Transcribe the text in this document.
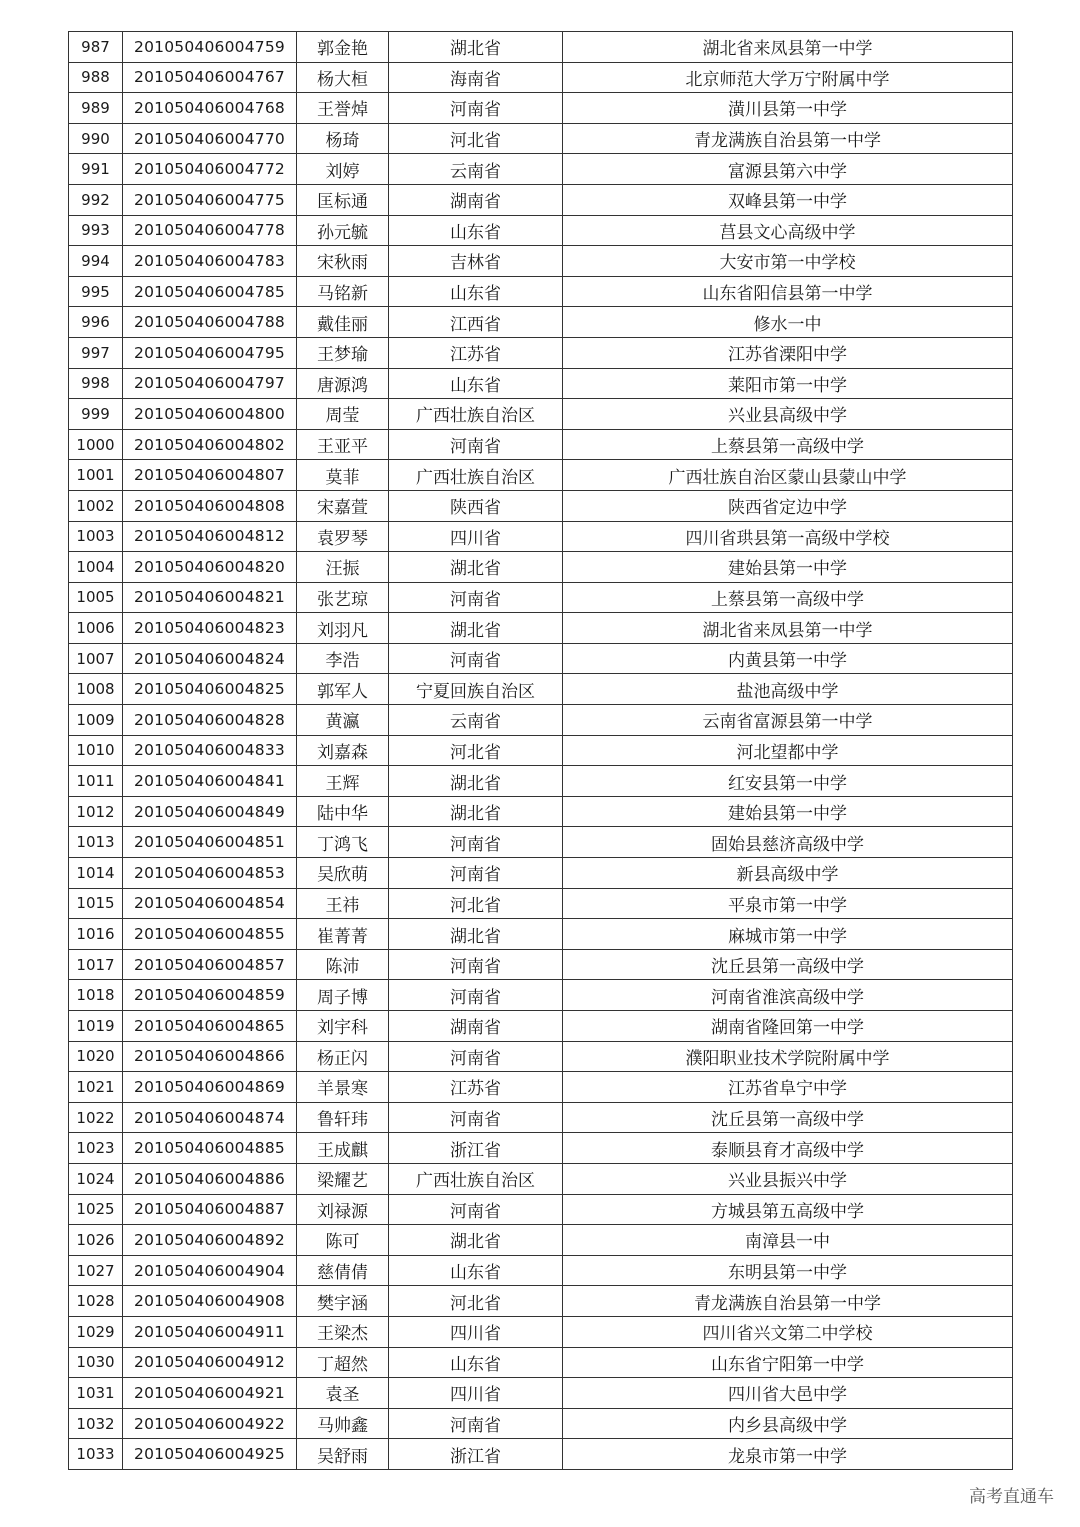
987	201050406004759	郭金艳	湖北省	湖北省来凤县第一中学
988	201050406004767	杨大桓	海南省	北京师范大学万宁附属中学
989	201050406004768	王誉焯	河南省	潢川县第一中学
990	201050406004770	杨琦	河北省	青龙满族自治县第一中学
991	201050406004772	刘婷	云南省	富源县第六中学
992	201050406004775	匡标通	湖南省	双峰县第一中学
993	201050406004778	孙元毓	山东省	莒县文心高级中学
994	201050406004783	宋秋雨	吉林省	大安市第一中学校
995	201050406004785	马铭新	山东省	山东省阳信县第一中学
996	201050406004788	戴佳丽	江西省	修水一中
997	201050406004795	王梦瑜	江苏省	江苏省溧阳中学
998	201050406004797	唐源鸿	山东省	莱阳市第一中学
999	201050406004800	周莹	广西壮族自治区	兴业县高级中学
1000	201050406004802	王亚平	河南省	上蔡县第一高级中学
1001	201050406004807	莫菲	广西壮族自治区	广西壮族自治区蒙山县蒙山中学
1002	201050406004808	宋嘉萱	陕西省	陕西省定边中学
1003	201050406004812	袁罗琴	四川省	四川省珙县第一高级中学校
1004	201050406004820	汪振	湖北省	建始县第一中学
1005	201050406004821	张艺琼	河南省	上蔡县第一高级中学
1006	201050406004823	刘羽凡	湖北省	湖北省来凤县第一中学
1007	201050406004824	李浩	河南省	内黄县第一中学
1008	201050406004825	郭军人	宁夏回族自治区	盐池高级中学
1009	201050406004828	黄瀛	云南省	云南省富源县第一中学
1010	201050406004833	刘嘉森	河北省	河北望都中学
1011	201050406004841	王辉	湖北省	红安县第一中学
1012	201050406004849	陆中华	湖北省	建始县第一中学
1013	201050406004851	丁鸿飞	河南省	固始县慈济高级中学
1014	201050406004853	吴欣萌	河南省	新县高级中学
1015	201050406004854	王祎	河北省	平泉市第一中学
1016	201050406004855	崔菁菁	湖北省	麻城市第一中学
1017	201050406004857	陈沛	河南省	沈丘县第一高级中学
1018	201050406004859	周子博	河南省	河南省淮滨高级中学
1019	201050406004865	刘宇科	湖南省	湖南省隆回第一中学
1020	201050406004866	杨正闪	河南省	濮阳职业技术学院附属中学
1021	201050406004869	羊景寒	江苏省	江苏省阜宁中学
1022	201050406004874	鲁轩玮	河南省	沈丘县第一高级中学
1023	201050406004885	王成麒	浙江省	泰顺县育才高级中学
1024	201050406004886	梁耀艺	广西壮族自治区	兴业县振兴中学
1025	201050406004887	刘禄源	河南省	方城县第五高级中学
1026	201050406004892	陈可	湖北省	南漳县一中
1027	201050406004904	慈倩倩	山东省	东明县第一中学
1028	201050406004908	樊宇涵	河北省	青龙满族自治县第一中学
1029	201050406004911	王梁杰	四川省	四川省兴文第二中学校
1030	201050406004912	丁超然	山东省	山东省宁阳第一中学
1031	201050406004921	袁圣	四川省	四川省大邑中学
1032	201050406004922	马帅鑫	河南省	内乡县高级中学
1033	201050406004925	吴舒雨	浙江省	龙泉市第一中学
高考直通车
